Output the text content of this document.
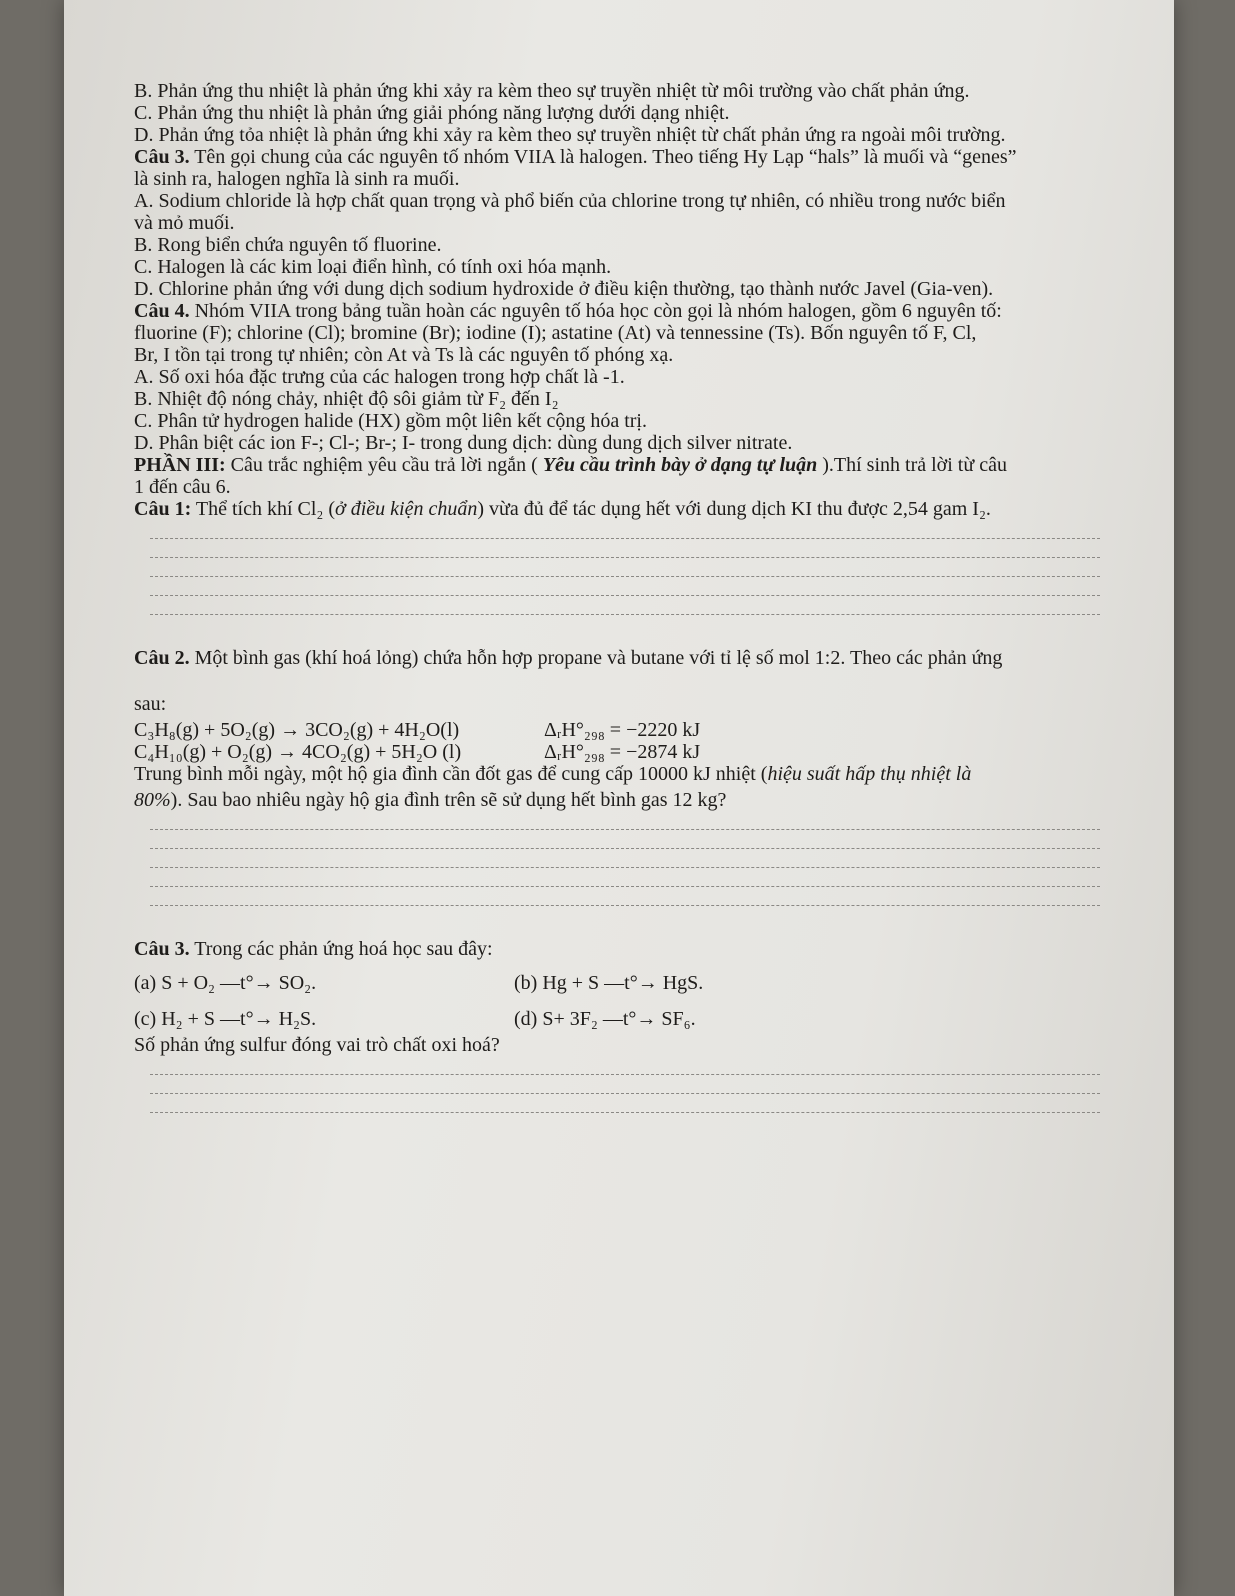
B. Phản ứng thu nhiệt là phản ứng khi xảy ra kèm theo sự truyền nhiệt từ môi trường vào chất phản ứng.

C. Phản ứng thu nhiệt là phản ứng giải phóng năng lượng dưới dạng nhiệt.

D. Phản ứng tỏa nhiệt là phản ứng khi xảy ra kèm theo sự truyền nhiệt từ chất phản ứng ra ngoài môi trường.

Câu 3. Tên gọi chung của các nguyên tố nhóm VIIA là halogen. Theo tiếng Hy Lạp “hals” là muối và “genes”

là sinh ra, halogen nghĩa là sinh ra muối.

A. Sodium chloride là hợp chất quan trọng và phổ biến của chlorine trong tự nhiên, có nhiều trong nước biển

và mỏ muối.

B. Rong biển chứa nguyên tố fluorine.

C. Halogen là các kim loại điển hình, có tính oxi hóa mạnh.

D. Chlorine phản ứng với dung dịch sodium hydroxide ở điều kiện thường, tạo thành nước Javel (Gia-ven).

Câu 4. Nhóm VIIA trong bảng tuần hoàn các nguyên tố hóa học còn gọi là nhóm halogen, gồm 6 nguyên tố:

fluorine (F); chlorine (Cl); bromine (Br); iodine (I); astatine (At) và tennessine (Ts). Bốn nguyên tố F, Cl,

Br, I tồn tại trong tự nhiên; còn At và Ts là các nguyên tố phóng xạ.

A. Số oxi hóa đặc trưng của các halogen trong hợp chất là -1.

B. Nhiệt độ nóng chảy, nhiệt độ sôi giảm từ F₂ đến I₂

C. Phân tử hydrogen halide (HX) gồm một liên kết cộng hóa trị.

D. Phân biệt các ion F-; Cl-; Br-; I- trong dung dịch: dùng dung dịch silver nitrate.

PHẦN III: Câu trắc nghiệm yêu cầu trả lời ngắn ( Yêu cầu trình bày ở dạng tự luận ).Thí sinh trả lời từ câu

1 đến câu 6.

Câu 1: Thể tích khí Cl₂ (ở điều kiện chuẩn) vừa đủ để tác dụng hết với dung dịch KI thu được 2,54 gam I₂.

Câu 2. Một bình gas (khí hoá lỏng) chứa hỗn hợp propane và butane với tỉ lệ số mol 1:2. Theo các phản ứng

sau:

C₃H₈(g) + 5O₂(g) → 3CO₂(g) + 4H₂O(l)	ΔᵣH°₂₉₈ = −2220 kJ
C₄H₁₀(g) + O₂(g) → 4CO₂(g) + 5H₂O (l)	ΔᵣH°₂₉₈ = −2874 kJ

Trung bình mỗi ngày, một hộ gia đình cần đốt gas để cung cấp 10000 kJ nhiệt (hiệu suất hấp thụ nhiệt là

80%). Sau bao nhiêu ngày hộ gia đình trên sẽ sử dụng hết bình gas 12 kg?

Câu 3. Trong các phản ứng hoá học sau đây:

(a) S + O₂ —t°→ SO₂.	(b) Hg + S —t°→ HgS.
(c) H₂ + S —t°→ H₂S.	(d) S+ 3F₂ —t°→ SF₆.

Số phản ứng sulfur đóng vai trò chất oxi hoá?
